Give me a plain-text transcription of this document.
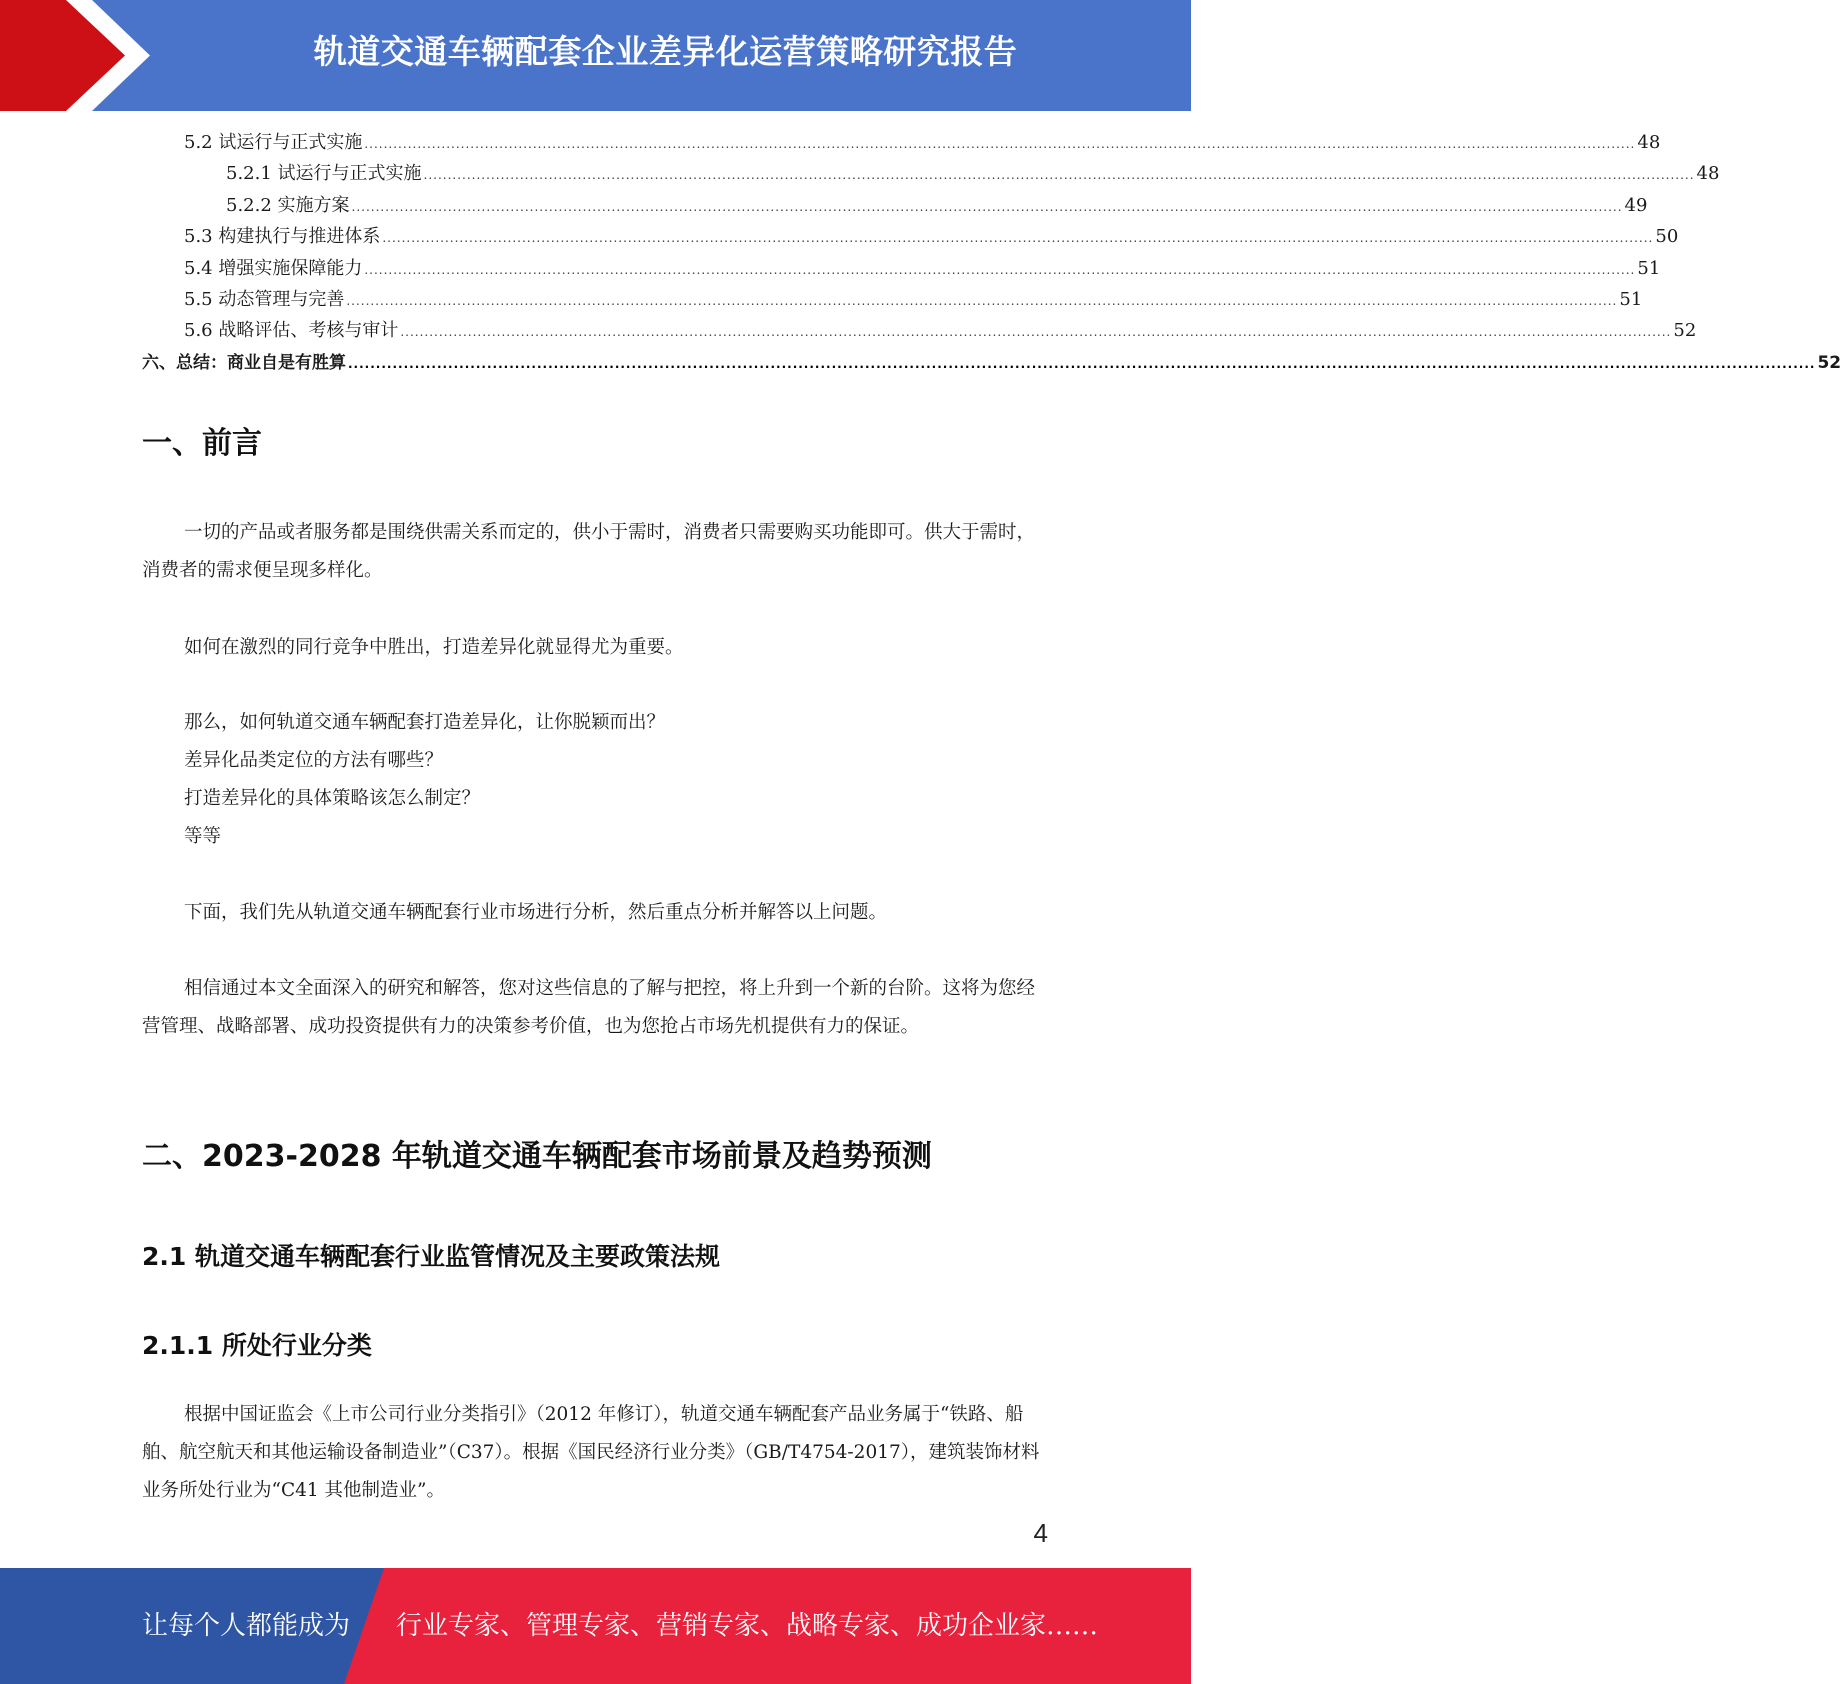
轨道交通车辆配套企业差异化运营策略研究报告
5.2 试运行与正式实施 ........................................................................................................................................................................................................................................................................ 48
5.2.1 试运行与正式实施 ........................................................................................................................................................................................................................................................................ 48
5.2.2 实施方案 ........................................................................................................................................................................................................................................................................ 49
5.3 构建执行与推进体系 ........................................................................................................................................................................................................................................................................ 50
5.4 增强实施保障能力 ........................................................................................................................................................................................................................................................................ 51
5.5 动态管理与完善 ........................................................................................................................................................................................................................................................................ 51
5.6 战略评估、考核与审计 ........................................................................................................................................................................................................................................................................ 52
六、总结：商业自是有胜算 ........................................................................................................................................................................................................................................................................ 52
一、前言

一切的产品或者服务都是围绕供需关系而定的，供小于需时，消费者只需要购买功能即可。供大于需时，消费者的需求便呈现多样化。

如何在激烈的同行竞争中胜出，打造差异化就显得尤为重要。

那么，如何轨道交通车辆配套打造差异化，让你脱颖而出？

差异化品类定位的方法有哪些？

打造差异化的具体策略该怎么制定？

等等

下面，我们先从轨道交通车辆配套行业市场进行分析，然后重点分析并解答以上问题。

相信通过本文全面深入的研究和解答，您对这些信息的了解与把控，将上升到一个新的台阶。这将为您经营管理、战略部署、成功投资提供有力的决策参考价值，也为您抢占市场先机提供有力的保证。

二、2023-2028 年轨道交通车辆配套市场前景及趋势预测
2.1 轨道交通车辆配套行业监管情况及主要政策法规
2.1.1 所处行业分类

根据中国证监会《上市公司行业分类指引》（2012 年修订），轨道交通车辆配套产品业务属于“铁路、船舶、航空航天和其他运输设备制造业”（C37）。根据《国民经济行业分类》（GB/T4754-2017），建筑装饰材料业务所处行业为“C41 其他制造业”。

4
让每个人都能成为 行业专家、管理专家、营销专家、战略专家、成功企业家……
